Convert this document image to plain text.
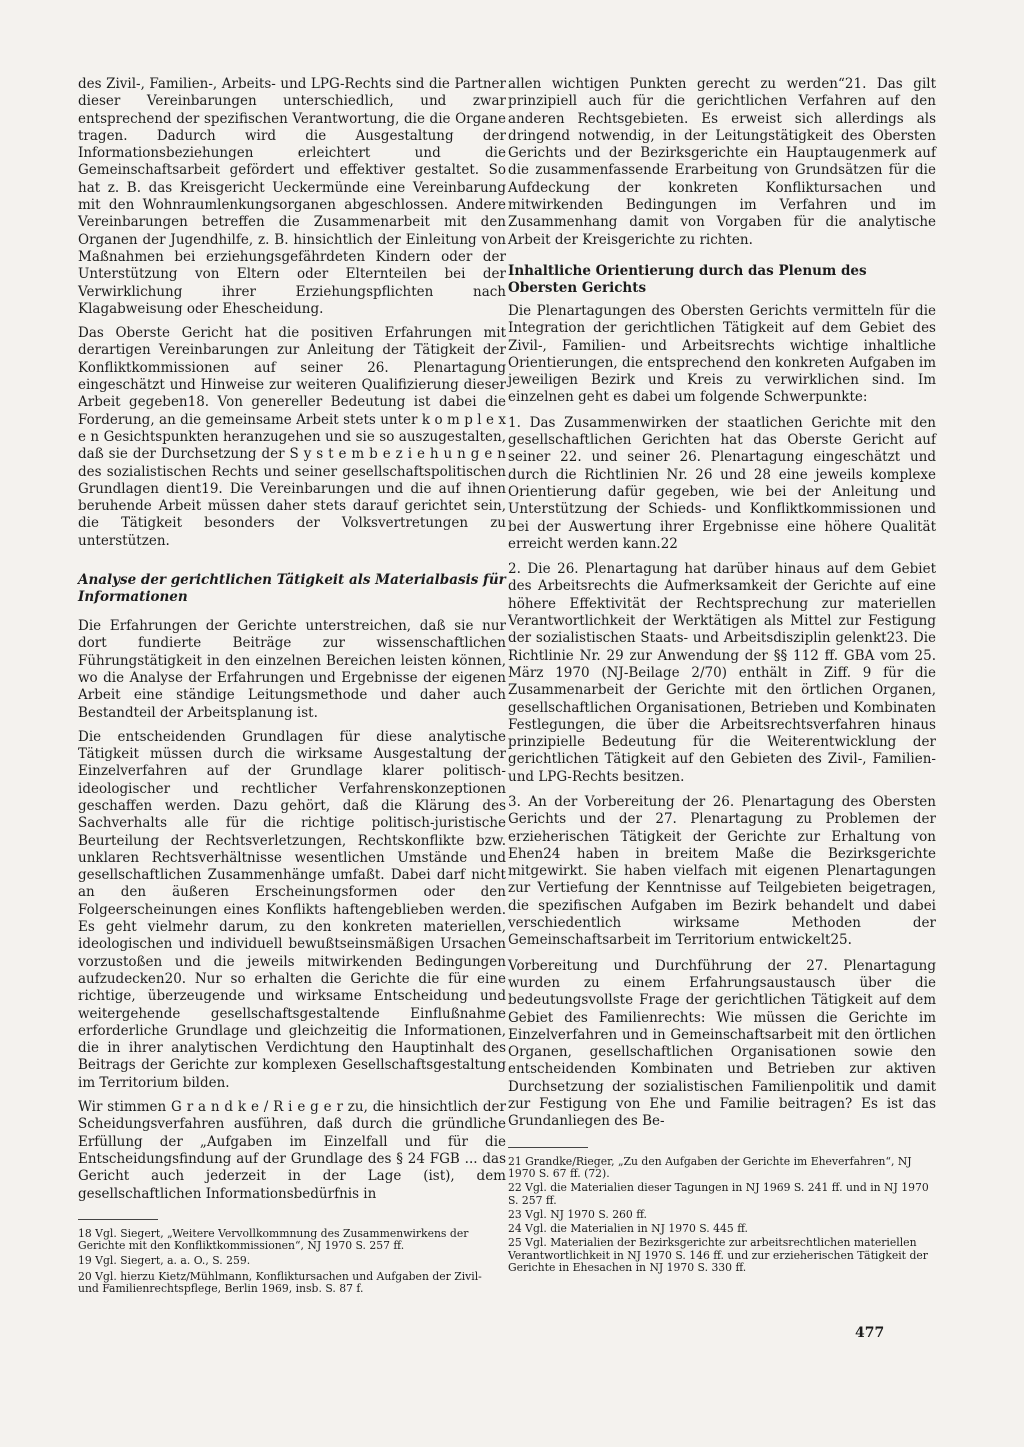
des Zivil-, Familien-, Arbeits- und LPG-Rechts sind die Partner dieser Vereinbarungen unterschiedlich, und zwar entsprechend der spezifischen Verantwortung, die die Organe tragen. Dadurch wird die Ausgestaltung der Informationsbeziehungen erleichtert und die Gemeinschaftsarbeit gefördert und effektiver gestaltet. So hat z. B. das Kreisgericht Ueckermünde eine Vereinbarung mit den Wohnraumlenkungsorganen abgeschlossen. Andere Vereinbarungen betreffen die Zusammenarbeit mit den Organen der Jugendhilfe, z. B. hinsichtlich der Einleitung von Maßnahmen bei erziehungsgefährdeten Kindern oder der Unterstützung von Eltern oder Elternteilen bei der Verwirklichung ihrer Erziehungspflichten nach Klagabweisung oder Ehescheidung.

Das Oberste Gericht hat die positiven Erfahrungen mit derartigen Vereinbarungen zur Anleitung der Tätigkeit der Konfliktkommissionen auf seiner 26. Plenartagung eingeschätzt und Hinweise zur weiteren Qualifizierung dieser Arbeit gegeben18. Von genereller Bedeutung ist dabei die Forderung, an die gemeinsame Arbeit stets unter k o m p l e x e n Gesichtspunkten heranzugehen und sie so auszugestalten, daß sie der Durchsetzung der S y s t e m b e z i e h u n g e n des sozialistischen Rechts und seiner gesellschaftspolitischen Grundlagen dient19. Die Vereinbarungen und die auf ihnen beruhende Arbeit müssen daher stets darauf gerichtet sein, die Tätigkeit besonders der Volksvertretungen zu unterstützen.

Analyse der gerichtlichen Tätigkeit als Materialbasis für Informationen

Die Erfahrungen der Gerichte unterstreichen, daß sie nur dort fundierte Beiträge zur wissenschaftlichen Führungstätigkeit in den einzelnen Bereichen leisten können, wo die Analyse der Erfahrungen und Ergebnisse der eigenen Arbeit eine ständige Leitungsmethode und daher auch Bestandteil der Arbeitsplanung ist.

Die entscheidenden Grundlagen für diese analytische Tätigkeit müssen durch die wirksame Ausgestaltung der Einzelverfahren auf der Grundlage klarer politisch-ideologischer und rechtlicher Verfahrenskonzeptionen geschaffen werden. Dazu gehört, daß die Klärung des Sachverhalts alle für die richtige politisch-juristische Beurteilung der Rechtsverletzungen, Rechtskonflikte bzw. unklaren Rechtsverhältnisse wesentlichen Umstände und gesellschaftlichen Zusammenhänge umfaßt. Dabei darf nicht an den äußeren Erscheinungsformen oder den Folgeerscheinungen eines Konflikts haftengeblieben werden. Es geht vielmehr darum, zu den konkreten materiellen, ideologischen und individuell bewußtseinsmäßigen Ursachen vorzustoßen und die jeweils mitwirkenden Bedingungen aufzudecken20. Nur so erhalten die Gerichte die für eine richtige, überzeugende und wirksame Entscheidung und weitergehende gesellschaftsgestaltende Einflußnahme erforderliche Grundlage und gleichzeitig die Informationen, die in ihrer analytischen Verdichtung den Hauptinhalt des Beitrags der Gerichte zur komplexen Gesellschaftsgestaltung im Territorium bilden.

Wir stimmen G r a n d k e / R i e g e r zu, die hinsichtlich der Scheidungsverfahren ausführen, daß durch die gründliche Erfüllung der „Aufgaben im Einzelfall und für die Entscheidungsfindung auf der Grundlage des § 24 FGB ... das Gericht auch jederzeit in der Lage (ist), dem gesellschaftlichen Informationsbedürfnis in

18 Vgl. Siegert, „Weitere Vervollkommnung des Zusammenwirkens der Gerichte mit den Konfliktkommissionen“, NJ 1970 S. 257 ff.

19 Vgl. Siegert, a. a. O., S. 259.

20 Vgl. hierzu Kietz/Mühlmann, Konfliktursachen und Aufgaben der Zivil- und Familienrechtspflege, Berlin 1969, insb. S. 87 f.

allen wichtigen Punkten gerecht zu werden“21. Das gilt prinzipiell auch für die gerichtlichen Verfahren auf den anderen Rechtsgebieten. Es erweist sich allerdings als dringend notwendig, in der Leitungstätigkeit des Obersten Gerichts und der Bezirksgerichte ein Hauptaugenmerk auf die zusammenfassende Erarbeitung von Grundsätzen für die Aufdeckung der konkreten Konfliktursachen und mitwirkenden Bedingungen im Verfahren und im Zusammenhang damit von Vorgaben für die analytische Arbeit der Kreisgerichte zu richten.

Inhaltliche Orientierung durch das Plenum des Obersten Gerichts

Die Plenartagungen des Obersten Gerichts vermitteln für die Integration der gerichtlichen Tätigkeit auf dem Gebiet des Zivil-, Familien- und Arbeitsrechts wichtige inhaltliche Orientierungen, die entsprechend den konkreten Aufgaben im jeweiligen Bezirk und Kreis zu verwirklichen sind. Im einzelnen geht es dabei um folgende Schwerpunkte:

1. Das Zusammenwirken der staatlichen Gerichte mit den gesellschaftlichen Gerichten hat das Oberste Gericht auf seiner 22. und seiner 26. Plenartagung eingeschätzt und durch die Richtlinien Nr. 26 und 28 eine jeweils komplexe Orientierung dafür gegeben, wie bei der Anleitung und Unterstützung der Schieds- und Konfliktkommissionen und bei der Auswertung ihrer Ergebnisse eine höhere Qualität erreicht werden kann.22

2. Die 26. Plenartagung hat darüber hinaus auf dem Gebiet des Arbeitsrechts die Aufmerksamkeit der Gerichte auf eine höhere Effektivität der Rechtsprechung zur materiellen Verantwortlichkeit der Werktätigen als Mittel zur Festigung der sozialistischen Staats- und Arbeitsdisziplin gelenkt23. Die Richtlinie Nr. 29 zur Anwendung der §§ 112 ff. GBA vom 25. März 1970 (NJ-Beilage 2/70) enthält in Ziff. 9 für die Zusammenarbeit der Gerichte mit den örtlichen Organen, gesellschaftlichen Organisationen, Betrieben und Kombinaten Festlegungen, die über die Arbeitsrechtsverfahren hinaus prinzipielle Bedeutung für die Weiterentwicklung der gerichtlichen Tätigkeit auf den Gebieten des Zivil-, Familien- und LPG-Rechts besitzen.

3. An der Vorbereitung der 26. Plenartagung des Obersten Gerichts und der 27. Plenartagung zu Problemen der erzieherischen Tätigkeit der Gerichte zur Erhaltung von Ehen24 haben in breitem Maße die Bezirksgerichte mitgewirkt. Sie haben vielfach mit eigenen Plenartagungen zur Vertiefung der Kenntnisse auf Teilgebieten beigetragen, die spezifischen Aufgaben im Bezirk behandelt und dabei verschiedentlich wirksame Methoden der Gemeinschaftsarbeit im Territorium entwickelt25.

Vorbereitung und Durchführung der 27. Plenartagung wurden zu einem Erfahrungsaustausch über die bedeutungsvollste Frage der gerichtlichen Tätigkeit auf dem Gebiet des Familienrechts: Wie müssen die Gerichte im Einzelverfahren und in Gemeinschaftsarbeit mit den örtlichen Organen, gesellschaftlichen Organisationen sowie den entscheidenden Kombinaten und Betrieben zur aktiven Durchsetzung der sozialistischen Familienpolitik und damit zur Festigung von Ehe und Familie beitragen? Es ist das Grundanliegen des Be-

21 Grandke/Rieger, „Zu den Aufgaben der Gerichte im Eheverfahren“, NJ 1970 S. 67 ff. (72).

22 Vgl. die Materialien dieser Tagungen in NJ 1969 S. 241 ff. und in NJ 1970 S. 257 ff.

23 Vgl. NJ 1970 S. 260 ff.

24 Vgl. die Materialien in NJ 1970 S. 445 ff.

25 Vgl. Materialien der Bezirksgerichte zur arbeitsrechtlichen materiellen Verantwortlichkeit in NJ 1970 S. 146 ff. und zur erzieherischen Tätigkeit der Gerichte in Ehesachen in NJ 1970 S. 330 ff.

477
